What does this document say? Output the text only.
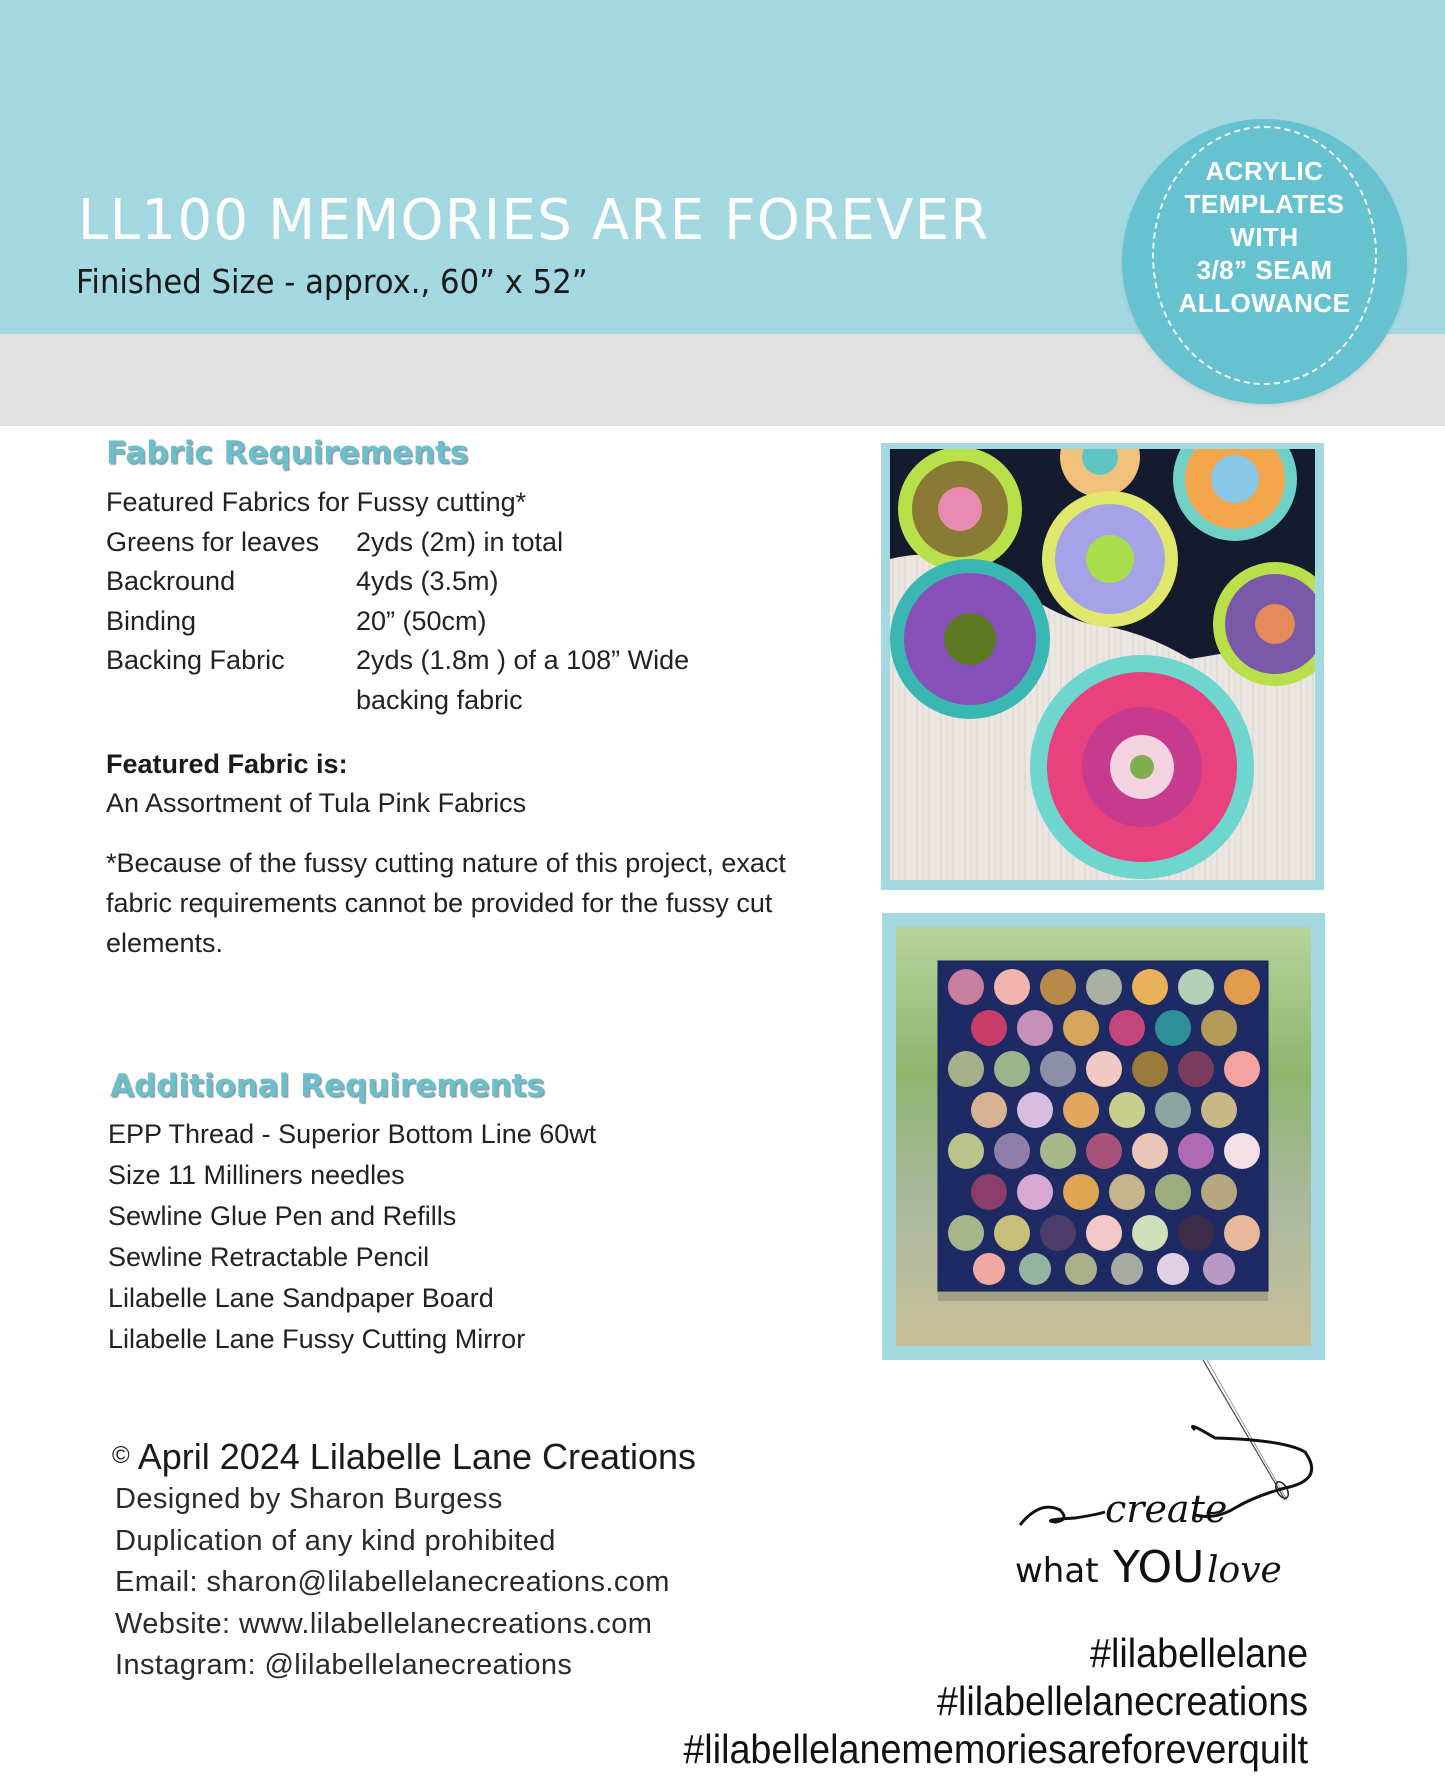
LL100 MEMORIES ARE FOREVER

Finished Size - approx., 60” x 52”

ACRYLIC
TEMPLATES
WITH
3/8” SEAM
ALLOWANCE
Fabric Requirements
Featured Fabrics for Fussy cutting*
Greens for leaves	2yds (2m) in total
Backround	4yds (3.5m)
Binding	20” (50cm)
Backing Fabric	2yds (1.8m ) of a 108” Wide
backing fabric
Featured Fabric is:
An Assortment of Tula Pink Fabrics
*Because of the fussy cutting nature of this project, exact fabric requirements cannot be provided for the fussy cut elements.
Additional Requirements
EPP Thread - Superior Bottom Line 60wt
Size 11 Milliners needles
Sewline Glue Pen and Refills
Sewline Retractable Pencil
Lilabelle Lane Sandpaper Board
Lilabelle Lane Fussy Cutting Mirror
© April 2024 Lilabelle Lane Creations
Designed by Sharon Burgess
Duplication of any kind prohibited
Email: sharon@lilabellelanecreations.com
Website: www.lilabellelanecreations.com
Instagram: @lilabellelanecreations
create
what YOU love
#lilabellelane
#lilabellelanecreations
#lilabellelanememoriesareforeverquilt
